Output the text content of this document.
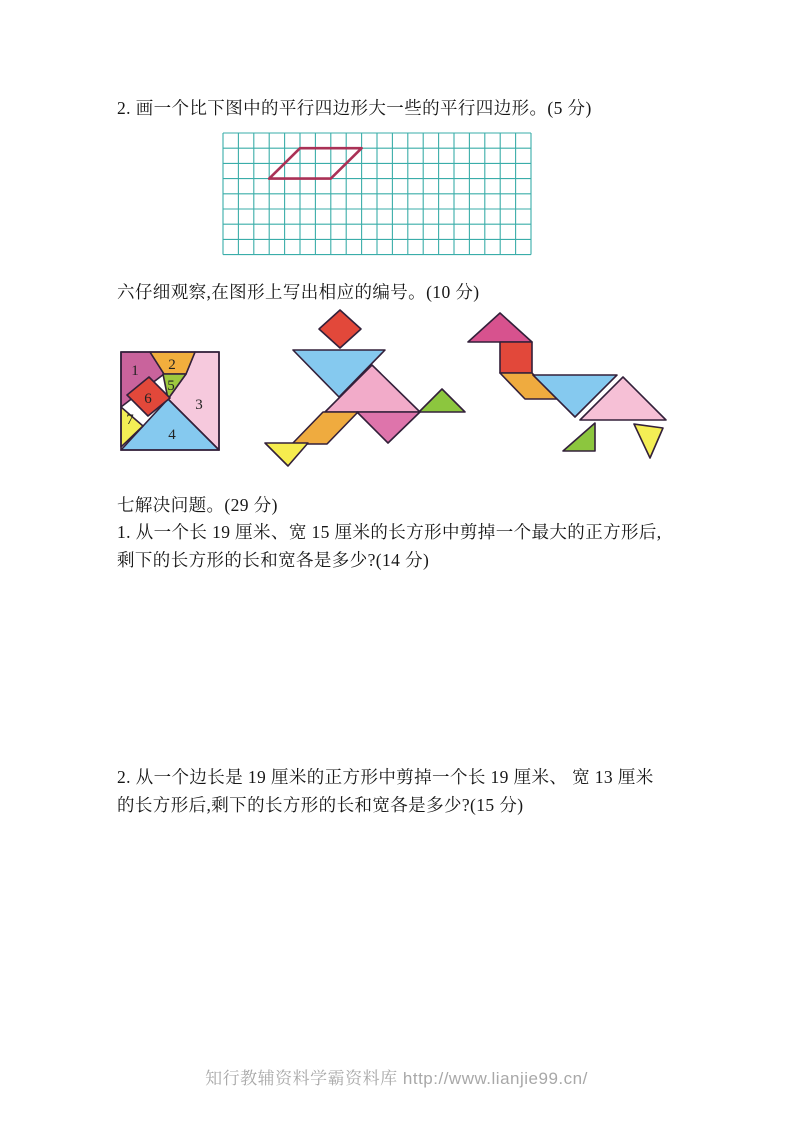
2. 画一个比下图中的平行四边形大一些的平行四边形。(5 分)
六仔细观察,在图形上写出相应的编号。(10 分)
1 2
3
4
5
6
7
七解决问题。(29 分)
1. 从一个长 19 厘米、宽 15 厘米的长方形中剪掉一个最大的正方形后,
剩下的长方形的长和宽各是多少?(14 分)
2. 从一个边长是 19 厘米的正方形中剪掉一个长 19 厘米、 宽 13 厘米
的长方形后,剩下的长方形的长和宽各是多少?(15 分)
知行教辅资料学霸资料库 http://www.lianjie99.cn/
